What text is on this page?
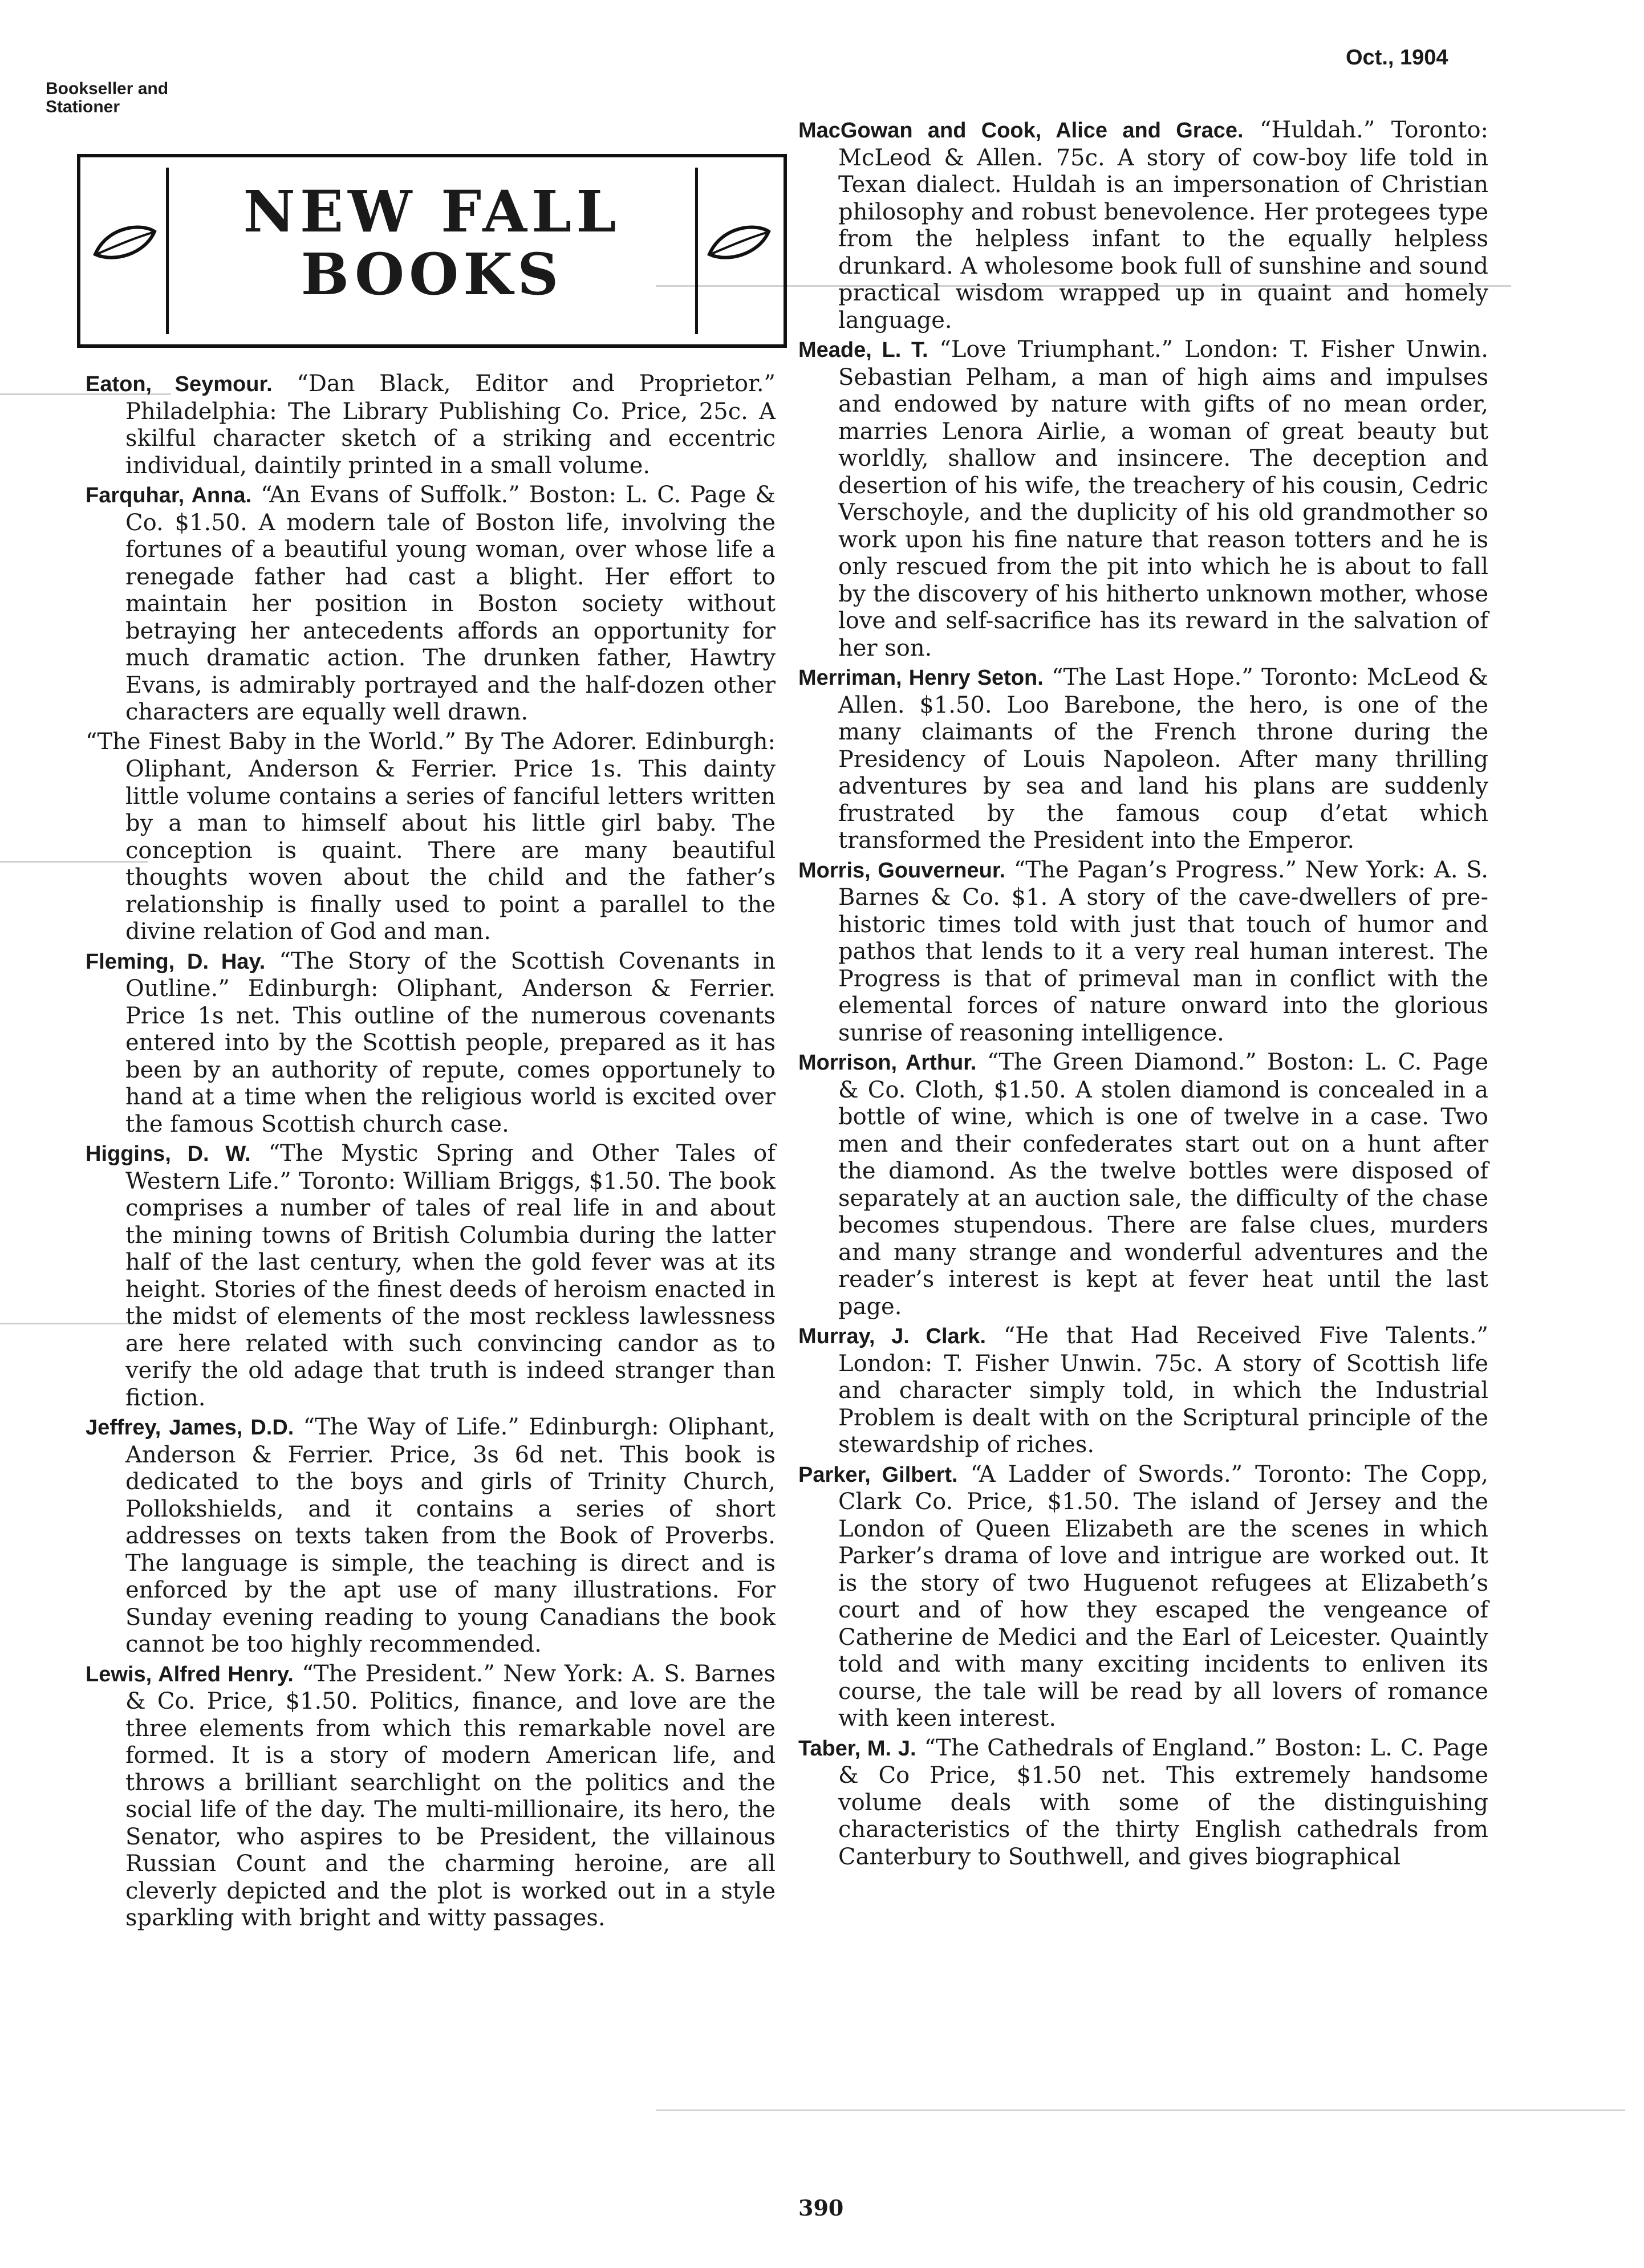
Bookseller and
Stationer
Oct., 1904
NEW FALL
BOOKS

Eaton, Seymour. “Dan Black, Editor and Proprietor.” Philadelphia: The Library Publishing Co. Price, 25c. A skilful character sketch of a striking and eccentric individual, daintily printed in a small volume.

Farquhar, Anna. “An Evans of Suffolk.” Boston: L. C. Page & Co. $1.50. A modern tale of Boston life, involving the fortunes of a beautiful young woman, over whose life a renegade father had cast a blight. Her effort to maintain her position in Boston society without betraying her antecedents affords an opportunity for much dramatic action. The drunken father, Hawtry Evans, is admirably portrayed and the half-dozen other characters are equally well drawn.

“The Finest Baby in the World.” By The Adorer. Edinburgh: Oliphant, Anderson & Ferrier. Price 1s. This dainty little volume contains a series of fanciful letters written by a man to himself about his little girl baby. The conception is quaint. There are many beautiful thoughts woven about the child and the father’s relationship is finally used to point a parallel to the divine relation of God and man.

Fleming, D. Hay. “The Story of the Scottish Covenants in Outline.” Edinburgh: Oliphant, Anderson & Ferrier. Price 1s net. This outline of the numerous covenants entered into by the Scottish people, prepared as it has been by an authority of repute, comes opportunely to hand at a time when the religious world is excited over the famous Scottish church case.

Higgins, D. W. “The Mystic Spring and Other Tales of Western Life.” Toronto: William Briggs, $1.50. The book comprises a number of tales of real life in and about the mining towns of British Columbia during the latter half of the last century, when the gold fever was at its height. Stories of the finest deeds of heroism enacted in the midst of elements of the most reckless lawlessness are here related with such convincing candor as to verify the old adage that truth is indeed stranger than fiction.

Jeffrey, James, D.D. “The Way of Life.” Edinburgh: Oliphant, Anderson & Ferrier. Price, 3s 6d net. This book is dedicated to the boys and girls of Trinity Church, Pollokshields, and it contains a series of short addresses on texts taken from the Book of Proverbs. The language is simple, the teaching is direct and is enforced by the apt use of many illustrations. For Sunday evening reading to young Canadians the book cannot be too highly recommended.

Lewis, Alfred Henry. “The President.” New York: A. S. Barnes & Co. Price, $1.50. Politics, finance, and love are the three elements from which this remarkable novel are formed. It is a story of modern American life, and throws a brilliant searchlight on the politics and the social life of the day. The multi-millionaire, its hero, the Senator, who aspires to be President, the villainous Russian Count and the charming heroine, are all cleverly depicted and the plot is worked out in a style sparkling with bright and witty passages.

MacGowan and Cook, Alice and Grace. “Huldah.” Toronto: McLeod & Allen. 75c. A story of cow-boy life told in Texan dialect. Huldah is an impersonation of Christian philosophy and robust benevolence. Her protegees type from the helpless infant to the equally helpless drunkard. A wholesome book full of sunshine and sound practical wisdom wrapped up in quaint and homely language.

Meade, L. T. “Love Triumphant.” London: T. Fisher Unwin. Sebastian Pelham, a man of high aims and impulses and endowed by nature with gifts of no mean order, marries Lenora Airlie, a woman of great beauty but worldly, shallow and insincere. The deception and desertion of his wife, the treachery of his cousin, Cedric Verschoyle, and the duplicity of his old grandmother so work upon his fine nature that reason totters and he is only rescued from the pit into which he is about to fall by the discovery of his hitherto unknown mother, whose love and self-sacrifice has its reward in the salvation of her son.

Merriman, Henry Seton. “The Last Hope.” Toronto: McLeod & Allen. $1.50. Loo Barebone, the hero, is one of the many claimants of the French throne during the Presidency of Louis Napoleon. After many thrilling adventures by sea and land his plans are suddenly frustrated by the famous coup d’etat which transformed the President into the Emperor.

Morris, Gouverneur. “The Pagan’s Progress.” New York: A. S. Barnes & Co. $1. A story of the cave-dwellers of pre-historic times told with just that touch of humor and pathos that lends to it a very real human interest. The Progress is that of primeval man in conflict with the elemental forces of nature onward into the glorious sunrise of reasoning intelligence.

Morrison, Arthur. “The Green Diamond.” Boston: L. C. Page & Co. Cloth, $1.50. A stolen diamond is concealed in a bottle of wine, which is one of twelve in a case. Two men and their confederates start out on a hunt after the diamond. As the twelve bottles were disposed of separately at an auction sale, the difficulty of the chase becomes stupendous. There are false clues, murders and many strange and wonderful adventures and the reader’s interest is kept at fever heat until the last page.

Murray, J. Clark. “He that Had Received Five Talents.” London: T. Fisher Unwin. 75c. A story of Scottish life and character simply told, in which the Industrial Problem is dealt with on the Scriptural principle of the stewardship of riches.

Parker, Gilbert. “A Ladder of Swords.” Toronto: The Copp, Clark Co. Price, $1.50. The island of Jersey and the London of Queen Elizabeth are the scenes in which Parker’s drama of love and intrigue are worked out. It is the story of two Huguenot refugees at Elizabeth’s court and of how they escaped the vengeance of Catherine de Medici and the Earl of Leicester. Quaintly told and with many exciting incidents to enliven its course, the tale will be read by all lovers of romance with keen interest.

Taber, M. J. “The Cathedrals of England.” Boston: L. C. Page & Co Price, $1.50 net. This extremely handsome volume deals with some of the distinguishing characteristics of the thirty English cathedrals from Canterbury to Southwell, and gives biographical

390
